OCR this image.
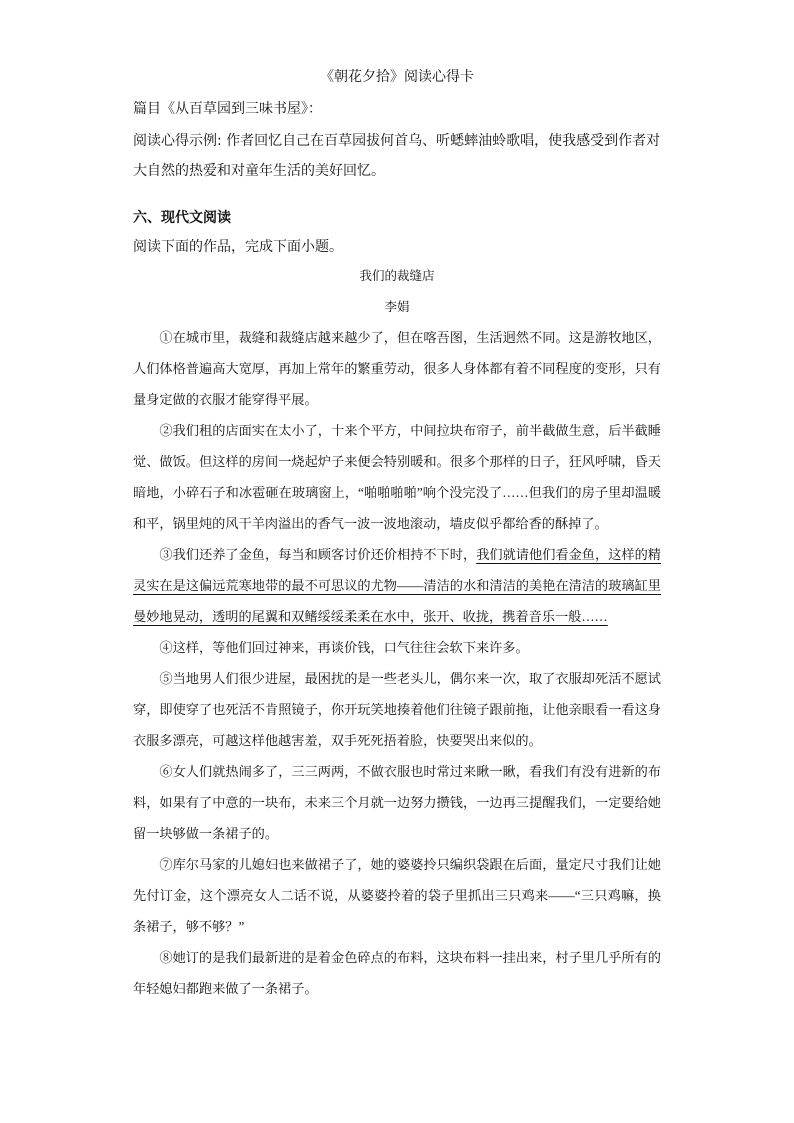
《朝花夕拾》阅读心得卡
篇目《从百草园到三味书屋》：
阅读心得示例: 作者回忆自己在百草园拔何首乌、听蟋蟀油蛉歌唱，使我感受到作者对
大自然的热爱和对童年生活的美好回忆。
六、现代文阅读
阅读下面的作品，完成下面小题。
我们的裁缝店
李娟

①在城市里，裁缝和裁缝店越来越少了，但在喀吾图，生活迥然不同。这是游牧地区，人们体格普遍高大宽厚，再加上常年的繁重劳动，很多人身体都有着不同程度的变形，只有量身定做的衣服才能穿得平展。

②我们租的店面实在太小了，十来个平方，中间拉块布帘子，前半截做生意，后半截睡觉、做饭。但这样的房间一烧起炉子来便会特别暖和。很多个那样的日子，狂风呼啸，昏天暗地，小碎石子和冰雹砸在玻璃窗上，“啪啪啪啪”响个没完没了……但我们的房子里却温暖和平，锅里炖的风干羊肉溢出的香气一波一波地滚动，墙皮似乎都给香的酥掉了。

③我们还养了金鱼，每当和顾客讨价还价相持不下时，我们就请他们看金鱼，这样的精灵实在是这偏远荒寒地带的最不可思议的尤物——清洁的水和清洁的美艳在清洁的玻璃缸里曼妙地晃动，透明的尾翼和双鳍绥绥柔柔在水中，张开、收拢，携着音乐一般……

④这样，等他们回过神来，再谈价钱，口气往往会软下来许多。

⑤当地男人们很少进屋，最困扰的是一些老头儿，偶尔来一次，取了衣服却死活不愿试穿，即使穿了也死活不肯照镜子，你开玩笑地揍着他们往镜子跟前拖，让他亲眼看一看这身衣服多漂亮，可越这样他越害羞，双手死死捂着脸，快要哭出来似的。

⑥女人们就热闹多了，三三两两，不做衣服也时常过来瞅一瞅，看我们有没有进新的布料，如果有了中意的一块布，未来三个月就一边努力攒钱，一边再三提醒我们，一定要给她留一块够做一条裙子的。

⑦库尔马家的儿媳妇也来做裙子了，她的婆婆拎只编织袋跟在后面，量定尺寸我们让她先付订金，这个漂亮女人二话不说，从婆婆拎着的袋子里抓出三只鸡来——“三只鸡嘛，换条裙子，够不够？”

⑧她订的是我们最新进的是着金色碎点的布料，这块布料一挂出来，村子里几乎所有的年轻媳妇都跑来做了一条裙子。
